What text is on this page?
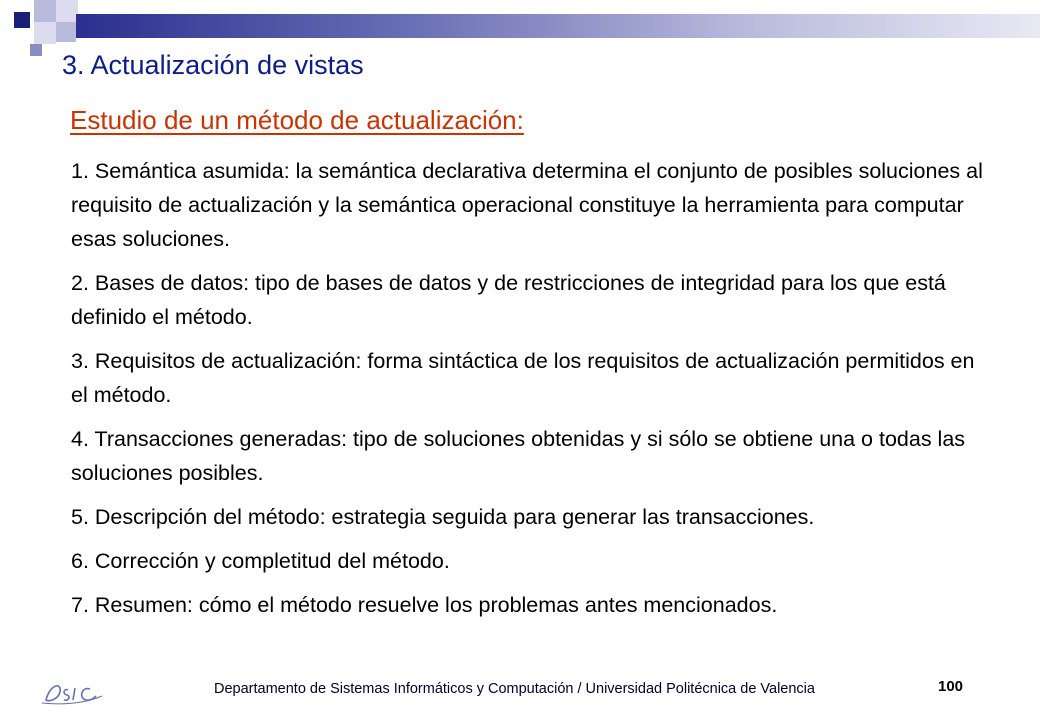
3. Actualización de vistas
Estudio de un método de actualización:
1. Semántica asumida: la semántica declarativa determina el conjunto de posibles soluciones al requisito de actualización y la semántica operacional constituye la herramienta para computar esas soluciones.
2. Bases de datos: tipo de bases de datos y de restricciones de integridad para los que está definido el método.
3. Requisitos de actualización: forma sintáctica de los requisitos de actualización permitidos en el método.
4. Transacciones generadas: tipo de soluciones obtenidas y si sólo se obtiene una o todas las soluciones posibles.
5. Descripción del método: estrategia seguida para generar las transacciones.
6. Corrección y completitud del método.
7. Resumen: cómo el método resuelve los problemas antes mencionados.
Departamento de Sistemas Informáticos y Computación / Universidad Politécnica de Valencia	100
